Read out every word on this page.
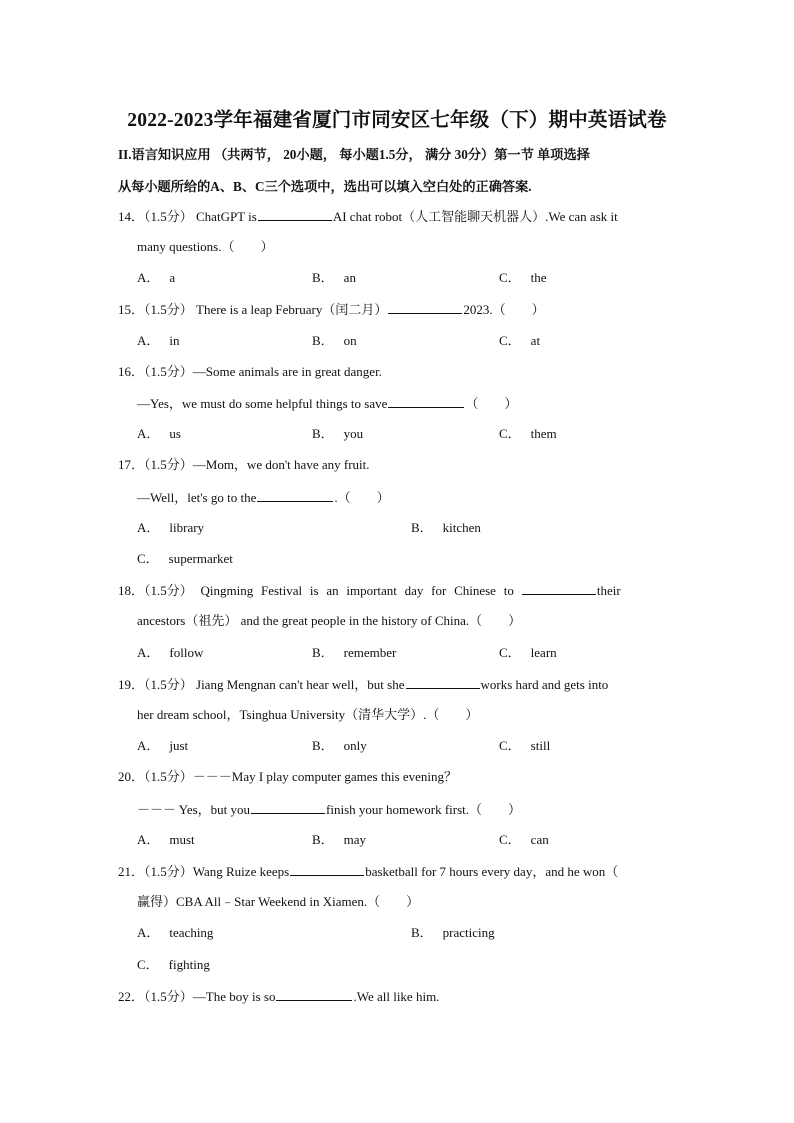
2022-2023学年福建省厦门市同安区七年级（下）期中英语试卷
II.语言知识应用 （共两节， 20小题， 每小题1.5分， 满分 30分）第一节 单项选择
从每小题所给的A、B、C三个选项中，选出可以填入空白处的正确答案.
14．（1.5分） ChatGPT is	AI chat robot（人工智能聊天机器人）.We can ask it
many questions.（　　）
A． a	B． an	C． the
15．（1.5分） There is a leap February（闰二月）	2023.（　　）
A． in	B． on	C． at
16．（1.5分）—Some animals are in great danger.
—Yes，we must do some helpful things to save	（　　）
A． us	B． you	C． them
17．（1.5分）—Mom，we don't have any fruit.
—Well，let's go to the	.（　　）
A． library	B． kitchen
C． supermarket
18．（1.5分） Qingming Festival is an important day for Chinese to	their
ancestors（祖先） and the great people in the history of China.（　　）
A． follow	B． remember	C． learn
19．（1.5分） Jiang Mengnan can't hear well，but she	works hard and gets into
her dream school，Tsinghua University（清华大学）.（　　）
A． just	B． only	C． still
20．（1.5分）－－－May I play computer games this evening？
－－－ Yes，but you	finish your homework first.（　　）
A． must	B． may	C． can
21．（1.5分）Wang Ruize keeps	basketball for 7 hours every day，and he won（
赢得）CBA All﹣Star Weekend in Xiamen.（　　）
A． teaching	B． practicing
C． fighting
22．（1.5分）—The boy is so	.We all like him.
